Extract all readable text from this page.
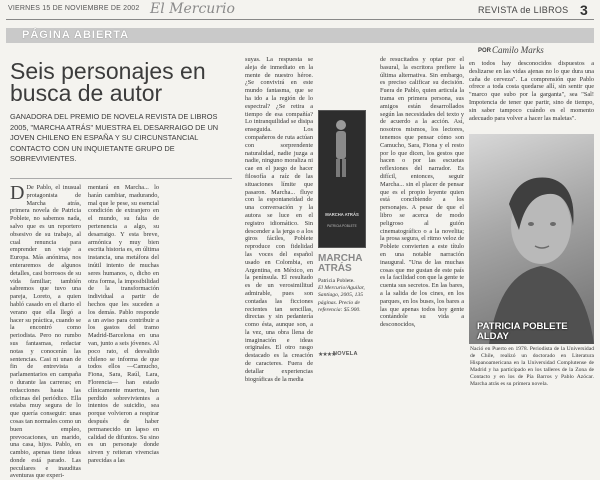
VIERNES 15 DE NOVIEMBRE DE 2002 El Mercurio	REVISTA de LIBROS 3
PÁGINA ABIERTA
POR Camilo Marks
Seis personajes en busca de autor
GANADORA DEL PREMIO DE NOVELA REVISTA DE LIBROS 2005, "MARCHA ATRÁS" MUESTRA EL DESARRAIGO DE UN JOVEN CHILENO EN ESPAÑA Y SU CIRCUNSTANCIAL CONTACTO CON UN INQUIETANTE GRUPO DE SOBREVIVIENTES.
D De Pablo, el inusual protagonista de Marcha atrás, primera novela de Patricia Poblete, no sabemos nada, salvo que es un reportero obsesivo de su trabajo, al cual renuncia para emprender un viaje a Europa. Más anónima, nos enteraremos de algunos detalles, casi borrosos de su vida familiar; también sabremos que tuvo una pareja, Loreto, a quien habló casado en el diario el verano que ella llegó a hacer su práctica, cuando se la encontró como periodista. Pero no rumbo sus fantasmas, redactar notas y conocerán las sentencias. Casi ni unan de fin de entrevista a parlamentarios en campaña o durante las carreras; en redacciones hasta las oficinas del periódico. Ella estaba muy segura de lo que quería conseguir: unas cosas tan normales como un buen empleo, prevocaciones, un marido, una casa, hijos. Pablo, en cambio, apenas tiene ideas donde está parado. Las peculiares e inauditas aventuras que experi-
mentará en Marcha... lo harán cambiar, madurando, mal que le pese, su esencial condición de extranjero en el mundo, su falta de pertenencia a algo, su desarraigo. Y esta breve, armónica y muy bien escrita historia es, en última instancia, una metáfora del inútil intento de muchas seres humanos, o, dicho en otra forma, la imposibilidad de la transformación individual a partir de hechos que les suceden a los demás. Pablo responde a un aviso para contribuir a los gastos del tramo Madrid-Barcelona en una van, junto a seis jóvenes. Al poco rato, el desvalido chileno se informa de que todos ellos —Camucho, Fiona, Sara, Raúl, Lara, Florencia— han estado clínicamente muertos, han perdido sobrevivientes a intentos de suicidio, sea porque volvieron a respirar después de haber permanecido un lapso en calidad de difuntos. Su sino es un personaje donde sirven y reiteran vivencias parecidas a las
suyas. La respuesta se aleja de inmediato en la mente de nuestro héroe. ¿Se convivirá en este mundo fantasma, que se ha ido a la región de lo espectral? ¿Se retira a tiempo de esa compañía? Lo intranquilidad se disipa enseguida. Los compañeros de ruta actúan con sorprendente naturalidad, nadie juzga a nadie, ninguno moraliza ni cae en el juego de hacer filosofía a raíz de las situaciones límite que pasaron. Marcha... fluye con la espontaneidad de una conversación y la autora se luce en el registro idiomático. Sin descender a la jerga o a los giros fáciles, Poblete reproduce con fidelidad las voces del español usado en Colombia, en Argentina, en México, en la península. El resultado es de un verosimilitud admirable, pues son contadas las ficciones recientes tan sencillas, directas y sin pedantería como ésta, aunque son, a la vez, una obra llena de imaginación e ideas originales. El otro rasgo destacado es la creación de caracteres. Fuera de detallar experiencias biográficas de la media
de resucitados y optar por el basural, la escritora prefiere la última alternativa. Sin embargo, es preciso calificar su decisión. Fuera de Pablo, quien articula la trama en primera persona, sus amigos están desarrollados según las necesidades del texto y de acuerdo a la acción. Así, nosotros mismos, los lectores, tenemos que pensar cómo son Camucho, Sara, Fiona y el resto por lo que dicen, los gestos que hacen o por las escuetas reflexiones del narrador. Es difícil, entonces, seguir Marcha... sin el placer de pensar que es el propio leyente quien está concibiendo a los personajes. A pesar de que el libro se acerca de modo peligroso al guión cinematográfico o a la novelita; la prosa segura, el ritmo veloz de Poblete convierten a este título en una notable narración inaugural. "Una de las muchas cosas que me gustan de este país es la facilidad con que la gente te cuenta sus secretos. En las bares, a la salida de los cines, en los parques, en los buses, los bares a las que apenas todos hoy gente contándole su vida a desconocidos,
en todos hay desconocidos dispuestos a deslizarse en las vidas ajenas no lo que dura una caña de cerveza". La comprensión que Pablo ofrece a toda costa quedarse allí, sin sentir que "marco que subo por la garganta", sea "Sal! Impotencia de tener que partir, sino de tiempo, sin saber tampoco cuándo es el momento adecuado para volver a hacer las maletas".
MARCHA ATRÁS
PATRICIA POBLETE
MARCHA ATRÁS
Patricia Poblete.
El Mercurio/Aguilar,
Santiago, 2005, 135 páginas. Precio de referencia: $5.900.
★★★★
NOVELA
PATRICIA POBLETE ALDAY
Nació en Puerto en 1978. Periodista de la Universidad de Chile, realizó un doctorado en Literatura Hispanoamericana en la Universidad Complutense de Madrid y ha participado en los talleres de la Zona de Contacto y en los de Pía Barros y Pablo Azócar. Marcha atrás es su primera novela.
